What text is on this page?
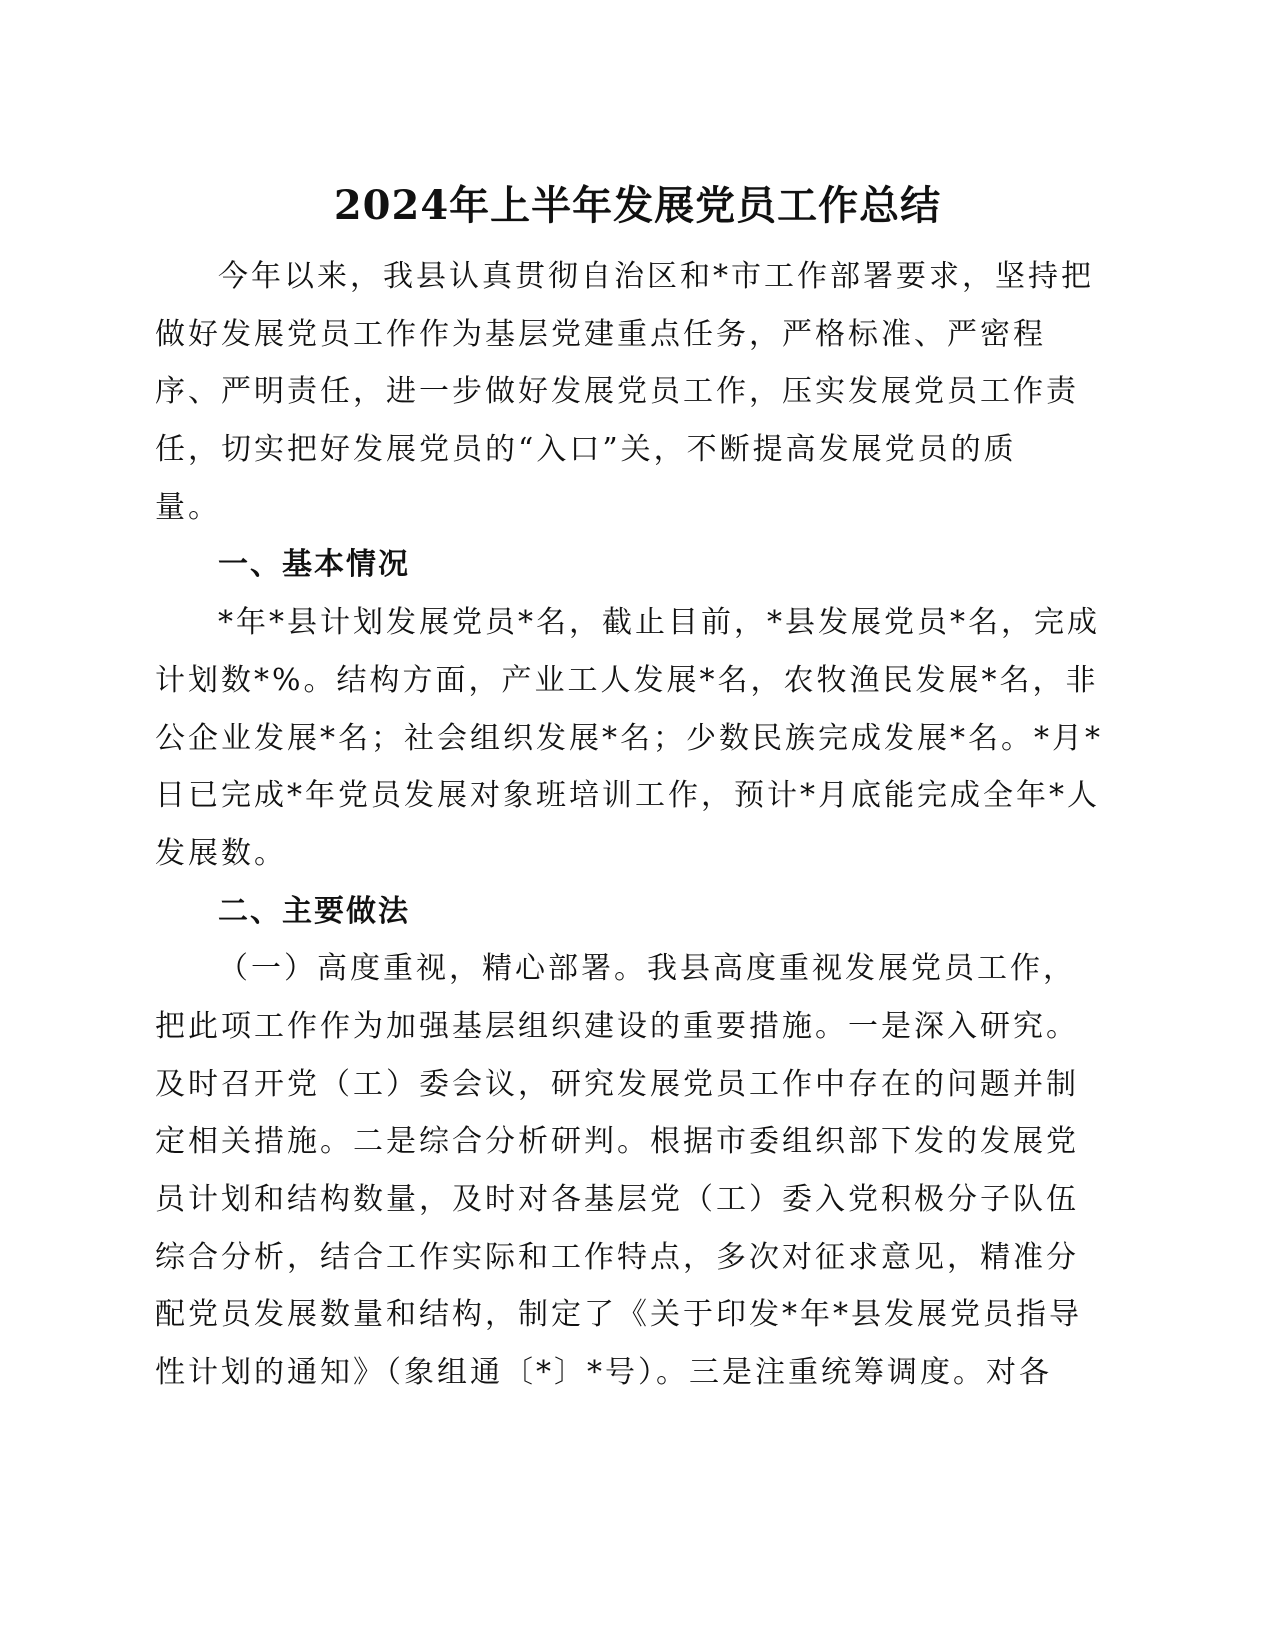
2024年上半年发展党员工作总结
今年以来，我县认真贯彻自治区和*市工作部署要求，坚持把
做好发展党员工作作为基层党建重点任务，严格标准、严密程
序、严明责任，进一步做好发展党员工作，压实发展党员工作责
任，切实把好发展党员的“入口”关，不断提高发展党员的质
量。
一、基本情况
*年*县计划发展党员*名，截止目前，*县发展党员*名，完成
计划数*%。结构方面，产业工人发展*名，农牧渔民发展*名，非
公企业发展*名；社会组织发展*名；少数民族完成发展*名。*月*
日已完成*年党员发展对象班培训工作，预计*月底能完成全年*人
发展数。
二、主要做法
（一）高度重视，精心部署。我县高度重视发展党员工作，
把此项工作作为加强基层组织建设的重要措施。一是深入研究。
及时召开党（工）委会议，研究发展党员工作中存在的问题并制
定相关措施。二是综合分析研判。根据市委组织部下发的发展党
员计划和结构数量，及时对各基层党（工）委入党积极分子队伍
综合分析，结合工作实际和工作特点，多次对征求意见，精准分
配党员发展数量和结构，制定了《关于印发*年*县发展党员指导
性计划的通知》（象组通〔*〕*号）。三是注重统筹调度。对各
